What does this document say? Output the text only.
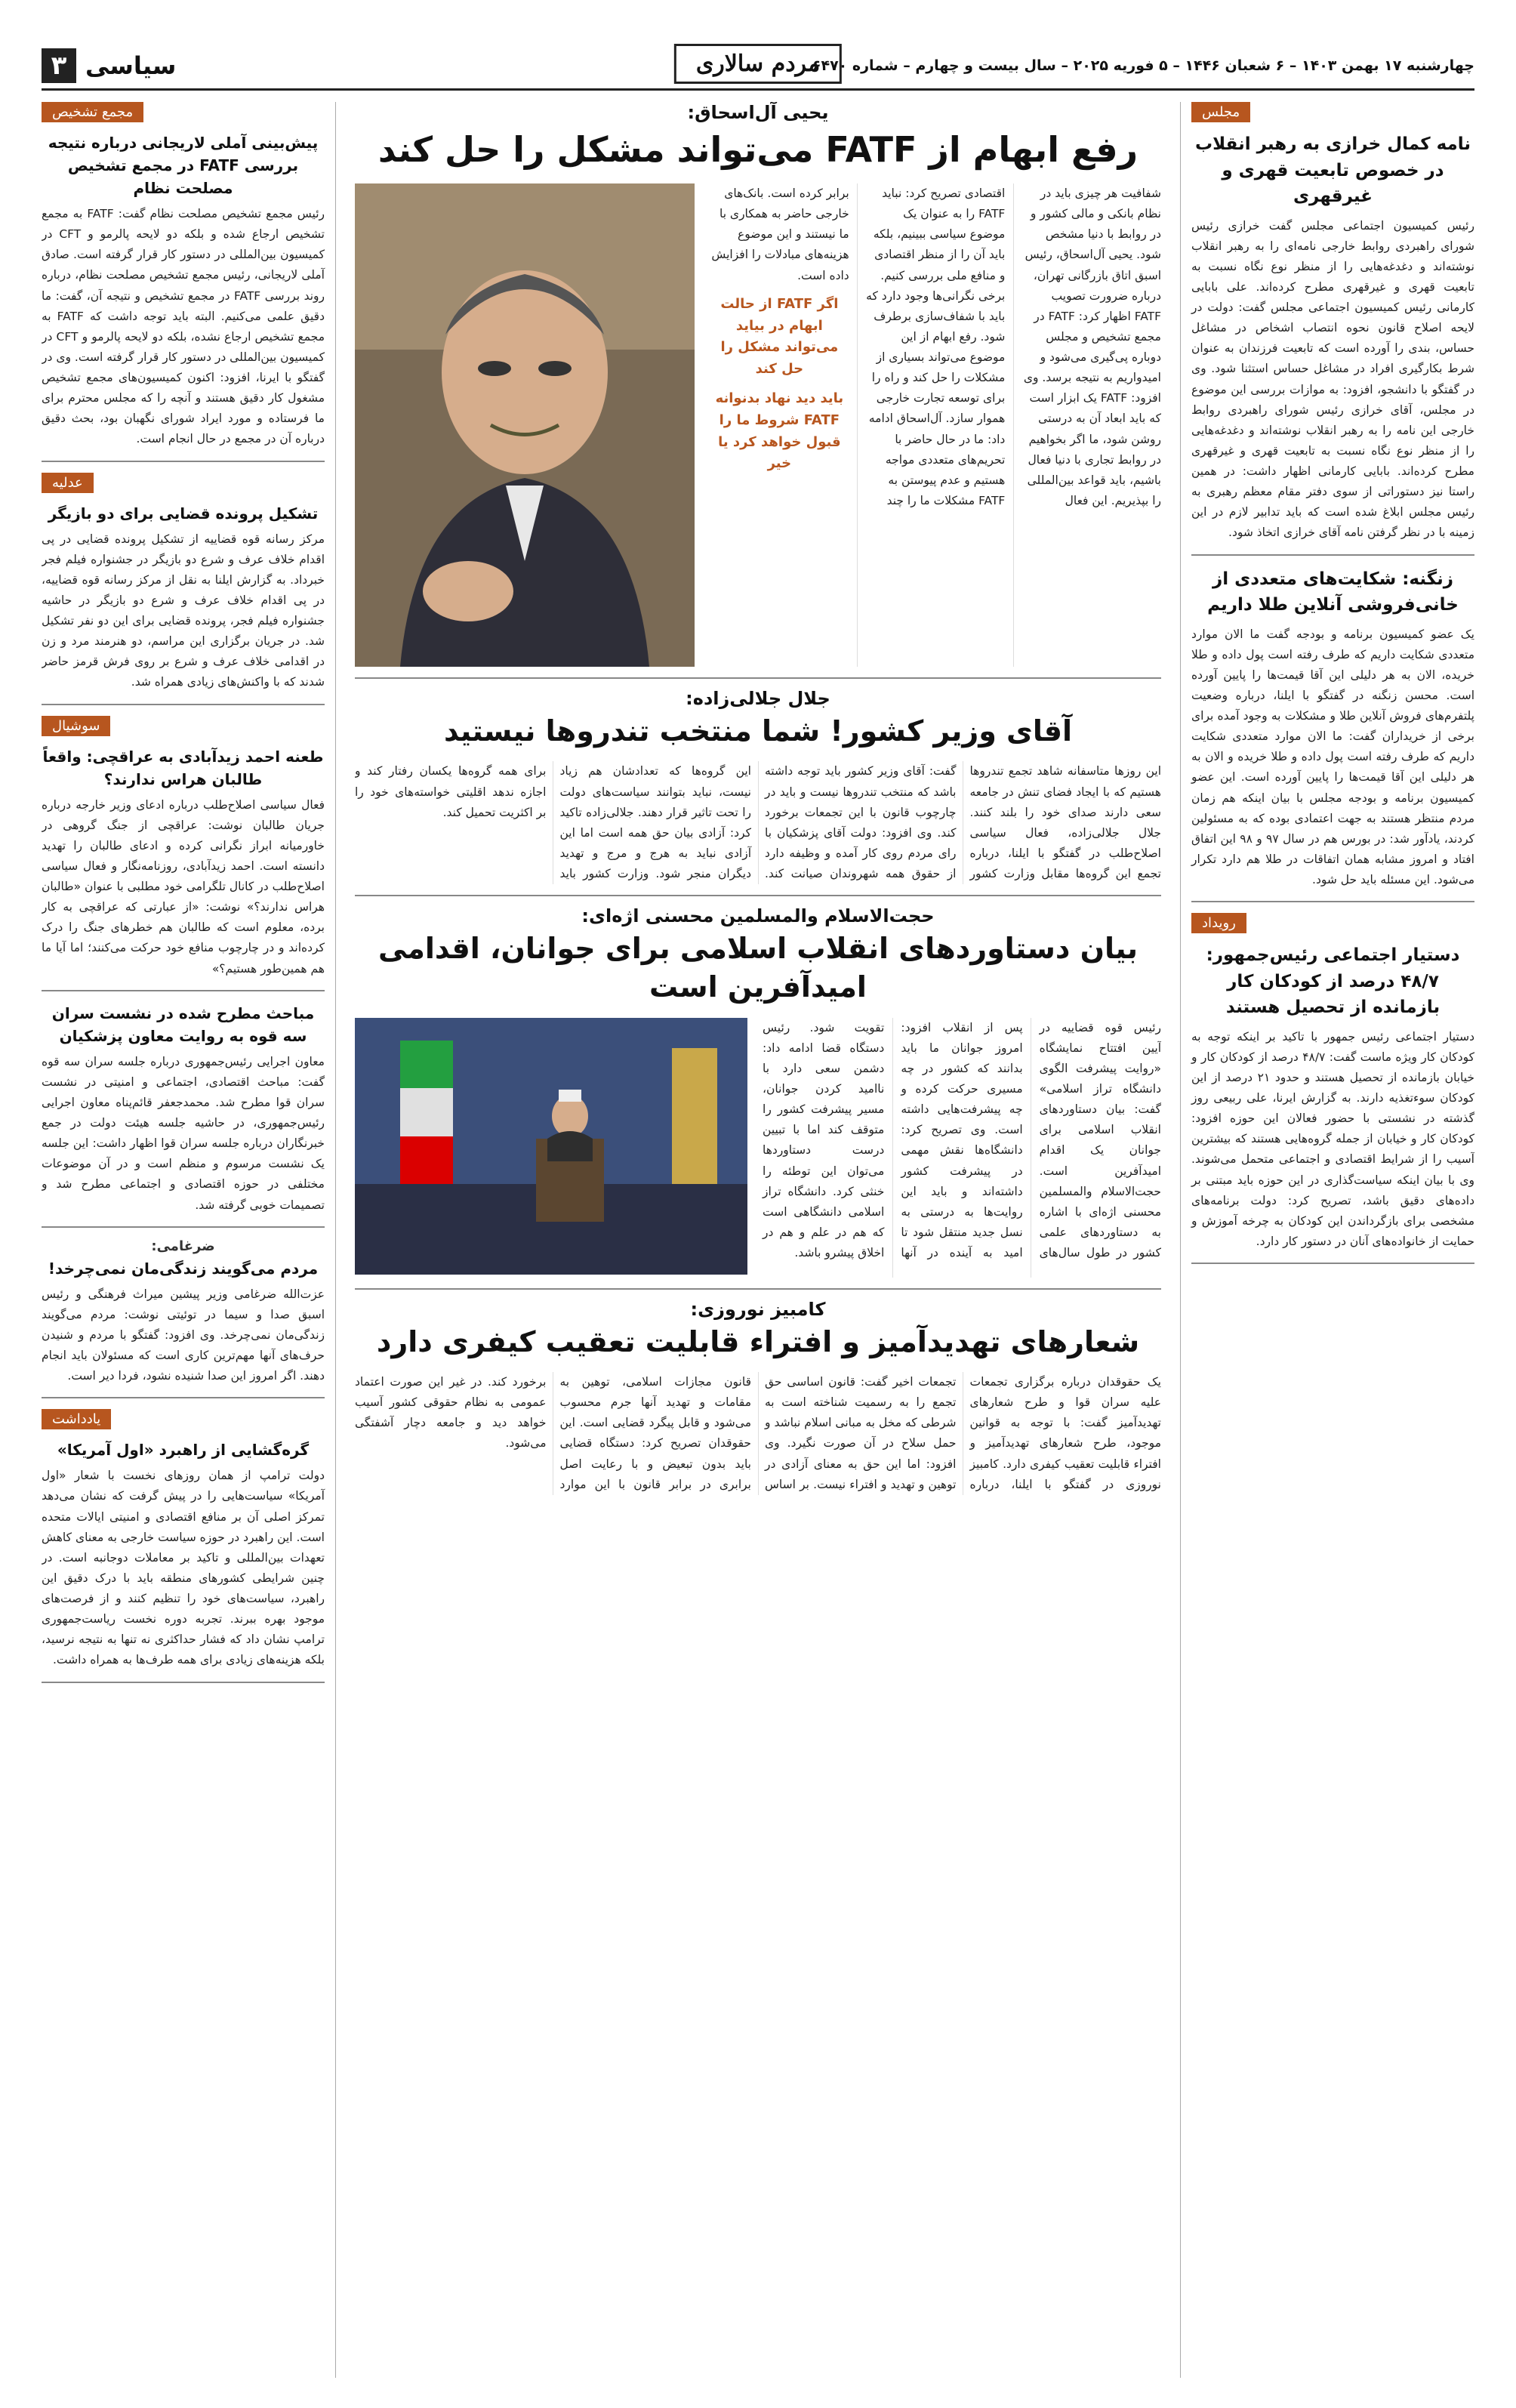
چهارشنبه ۱۷ بهمن ۱۴۰۳ – ۶ شعبان ۱۴۴۶ – ۵ فوریه ۲۰۲۵ – سال بیست و چهارم – شماره ۶۴۷۰
مردم سالاری
سیاسی
۳
مجلس
نامه کمال خرازی به رهبر انقلاب در خصوص تابعیت قهری و غیرقهری
رئیس کمیسیون اجتماعی مجلس گفت خرازی رئیس شورای راهبردی روابط خارجی نامه‌ای را به رهبر انقلاب نوشته‌اند و دغدغه‌هایی را از منظر نوع نگاه نسبت به تابعیت قهری و غیرقهری مطرح کرده‌اند. علی بابایی کارمانی رئیس کمیسیون اجتماعی مجلس گفت: دولت در لایحه اصلاح قانون نحوه انتصاب اشخاص در مشاغل حساس، بندی را آورده است که تابعیت فرزندان به عنوان شرط بکارگیری افراد در مشاغل حساس استثنا شود. وی در گفتگو با دانشجو، افزود: به موازات بررسی این موضوع در مجلس، آقای خرازی رئیس شورای راهبردی روابط خارجی این نامه را به رهبر انقلاب نوشته‌اند و دغدغه‌هایی را از منظر نوع نگاه نسبت به تابعیت قهری و غیرقهری مطرح کرده‌اند. بابایی کارمانی اظهار داشت: در همین راستا نیز دستوراتی از سوی دفتر مقام معظم رهبری به رئیس مجلس ابلاغ شده است که باید تدابیر لازم در این زمینه با در نظر گرفتن نامه آقای خرازی اتخاذ شود.
زنگنه: شکایت‌های متعددی از خانی‌فروشی آنلاین طلا داریم
یک عضو کمیسیون برنامه و بودجه گفت ما الان موارد متعددی شکایت داریم که طرف رفته است پول داده و طلا خریده، الان به هر دلیلی این آقا قیمت‌ها را پایین آورده است. محسن زنگنه در گفتگو با ایلنا، درباره وضعیت پلتفرم‌های فروش آنلاین طلا و مشکلات به وجود آمده برای برخی از خریداران گفت: ما الان موارد متعددی شکایت داریم که طرف رفته است پول داده و طلا خریده و الان به هر دلیلی این آقا قیمت‌ها را پایین آورده است. این عضو کمیسیون برنامه و بودجه مجلس با بیان اینکه هم زمان مردم منتظر هستند به جهت اعتمادی بوده که به مسئولین کردند، یادآور شد: در بورس هم در سال ۹۷ و ۹۸ این اتفاق افتاد و امروز مشابه همان اتفاقات در طلا هم دارد تکرار می‌شود. این مسئله باید حل شود.
رویداد
دستیار اجتماعی رئیس‌جمهور: ۴۸/۷ درصد از کودکان کار بازمانده از تحصیل هستند
دستیار اجتماعی رئیس جمهور با تاکید بر اینکه توجه به کودکان کار ویژه ماست گفت: ۴۸/۷ درصد از کودکان کار و خیابان بازمانده از تحصیل هستند و حدود ۲۱ درصد از این کودکان سوءتغذیه دارند. به گزارش ایرنا، علی ربیعی روز گذشته در نشستی با حضور فعالان این حوزه افزود: کودکان کار و خیابان از جمله گروه‌هایی هستند که بیشترین آسیب را از شرایط اقتصادی و اجتماعی متحمل می‌شوند. وی با بیان اینکه سیاست‌گذاری در این حوزه باید مبتنی بر داده‌های دقیق باشد، تصریح کرد: دولت برنامه‌های مشخصی برای بازگرداندن این کودکان به چرخه آموزش و حمایت از خانواده‌های آنان در دستور کار دارد.
مجمع تشخیص
پیش‌بینی آملی لاریجانی درباره نتیجه بررسی FATF در مجمع تشخیص مصلحت نظام
رئیس مجمع تشخیص مصلحت نظام گفت: FATF به مجمع تشخیص ارجاع شده و بلکه دو لایحه پالرمو و CFT در کمیسیون بین‌المللی در دستور کار قرار گرفته است. صادق آملی لاریجانی، رئیس مجمع تشخیص مصلحت نظام، درباره روند بررسی FATF در مجمع تشخیص و نتیجه آن، گفت: ما دقیق علمی می‌کنیم. البته باید توجه داشت که FATF به مجمع تشخیص ارجاع نشده، بلکه دو لایحه پالرمو و CFT در کمیسیون بین‌المللی در دستور کار قرار گرفته است. وی در گفتگو با ایرنا، افزود: اکنون کمیسیون‌های مجمع تشخیص مشغول کار دقیق هستند و آنچه را که مجلس محترم برای ما فرستاده و مورد ایراد شورای نگهبان بود، بحث دقیق درباره آن در مجمع در حال انجام است.
عدلیه
تشکیل پرونده قضایی برای دو بازیگر
مرکز رسانه قوه قضاییه از تشکیل پرونده قضایی در پی اقدام خلاف عرف و شرع دو بازیگر در جشنواره فیلم فجر خبرداد. به گزارش ایلنا به نقل از مرکز رسانه قوه قضاییه، در پی اقدام خلاف عرف و شرع دو بازیگر در حاشیه جشنواره فیلم فجر، پرونده قضایی برای این دو نفر تشکیل شد. در جریان برگزاری این مراسم، دو هنرمند مرد و زن در اقدامی خلاف عرف و شرع بر روی فرش قرمز حاضر شدند که با واکنش‌های زیادی همراه شد.
سوشیال
طعنه احمد زیدآبادی به عراقچی: واقعاً طالبان هراس ندارند؟
فعال سیاسی اصلاح‌طلب درباره ادعای وزیر خارجه درباره جریان طالبان نوشت: عراقچی از جنگ گروهی در خاورمیانه ابراز نگرانی کرده و ادعای طالبان را تهدید دانسته است. احمد زیدآبادی، روزنامه‌نگار و فعال سیاسی اصلاح‌طلب در کانال تلگرامی خود مطلبی با عنوان «طالبان هراس ندارند؟» نوشت: «از عبارتی که عراقچی به کار برده، معلوم است که طالبان هم خطرهای جنگ را درک کرده‌اند و در چارچوب منافع خود حرکت می‌کنند؛ اما آیا ما هم همین‌طور هستیم؟»
مباحث مطرح شده در نشست سران سه قوه به روایت معاون پزشکیان
معاون اجرایی رئیس‌جمهوری درباره جلسه سران سه قوه گفت: مباحث اقتصادی، اجتماعی و امنیتی در نشست سران قوا مطرح شد. محمدجعفر قائم‌پناه معاون اجرایی رئیس‌جمهوری، در حاشیه جلسه هیئت دولت در جمع خبرنگاران درباره جلسه سران قوا اظهار داشت: این جلسه یک نشست مرسوم و منظم است و در آن موضوعات مختلفی در حوزه اقتصادی و اجتماعی مطرح شد و تصمیمات خوبی گرفته شد.
ضرغامی:
مردم می‌گویند زندگی‌مان نمی‌چرخد!
عزت‌الله ضرغامی وزیر پیشین میراث فرهنگی و رئیس اسبق صدا و سیما در توئیتی نوشت: مردم می‌گویند زندگی‌مان نمی‌چرخد. وی افزود: گفتگو با مردم و شنیدن حرف‌های آنها مهم‌ترین کاری است که مسئولان باید انجام دهند. اگر امروز این صدا شنیده نشود، فردا دیر است.
یادداشت
گره‌گشایی از راهبرد «اول آمریکا»
دولت ترامپ از همان روزهای نخست با شعار «اول آمریکا» سیاست‌هایی را در پیش گرفت که نشان می‌دهد تمرکز اصلی آن بر منافع اقتصادی و امنیتی ایالات متحده است. این راهبرد در حوزه سیاست خارجی به معنای کاهش تعهدات بین‌المللی و تاکید بر معاملات دوجانبه است. در چنین شرایطی کشورهای منطقه باید با درک دقیق این راهبرد، سیاست‌های خود را تنظیم کنند و از فرصت‌های موجود بهره ببرند. تجربه دوره نخست ریاست‌جمهوری ترامپ نشان داد که فشار حداکثری نه تنها به نتیجه نرسید، بلکه هزینه‌های زیادی برای همه طرف‌ها به همراه داشت.
یحیی آل‌اسحاق:
رفع ابهام از FATF می‌تواند مشکل را حل کند
شفافیت هر چیزی باید در نظام بانکی و مالی کشور و در روابط با دنیا مشخص شود. یحیی آل‌اسحاق، رئیس اسبق اتاق بازرگانی تهران، درباره ضرورت تصویب FATF اظهار کرد: FATF در مجمع تشخیص و مجلس دوباره پی‌گیری می‌شود و امیدواریم به نتیجه برسد. وی افزود: FATF یک ابزار است که باید ابعاد آن به درستی روشن شود، ما اگر بخواهیم در روابط تجاری با دنیا فعال باشیم، باید قواعد بین‌المللی را بپذیریم. این فعال اقتصادی تصریح کرد: نباید FATF را به عنوان یک موضوع سیاسی ببینیم، بلکه باید آن را از منظر اقتصادی و منافع ملی بررسی کنیم. برخی نگرانی‌ها وجود دارد که باید با شفاف‌سازی برطرف شود. رفع ابهام از این موضوع می‌تواند بسیاری از مشکلات را حل کند و راه را برای توسعه تجارت خارجی هموار سازد. آل‌اسحاق ادامه داد: ما در حال حاضر با تحریم‌های متعددی مواجه هستیم و عدم پیوستن به FATF مشکلات ما را چند برابر کرده است. بانک‌های خارجی حاضر به همکاری با ما نیستند و این موضوع هزینه‌های مبادلات را افزایش داده است.
اگر FATF از حالت ابهام در بیاید می‌تواند مشکل را حل کند
باید دید نهاد بدنوانه FATF شروط ما را قبول خواهد کرد یا خیر
جلال جلالی‌زاده:
آقای وزیر کشور! شما منتخب تندروها نیستید
این روزها متاسفانه شاهد تجمع تندروها هستیم که با ایجاد فضای تنش در جامعه سعی دارند صدای خود را بلند کنند. جلال جلالی‌زاده، فعال سیاسی اصلاح‌طلب در گفتگو با ایلنا، درباره تجمع این گروه‌ها مقابل وزارت کشور گفت: آقای وزیر کشور باید توجه داشته باشد که منتخب تندروها نیست و باید در چارچوب قانون با این تجمعات برخورد کند. وی افزود: دولت آقای پزشکیان با رای مردم روی کار آمده و وظیفه دارد از حقوق همه شهروندان صیانت کند. این گروه‌ها که تعدادشان هم زیاد نیست، نباید بتوانند سیاست‌های دولت را تحت تاثیر قرار دهند. جلالی‌زاده تاکید کرد: آزادی بیان حق همه است اما این آزادی نباید به هرج و مرج و تهدید دیگران منجر شود. وزارت کشور باید برای همه گروه‌ها یکسان رفتار کند و اجازه ندهد اقلیتی خواسته‌های خود را بر اکثریت تحمیل کند.
حجت‌الاسلام والمسلمین محسنی اژه‌ای:
بیان دستاوردهای انقلاب اسلامی برای جوانان، اقدامی امیدآفرین است
رئیس قوه قضاییه در آیین افتتاح نمایشگاه «روایت پیشرفت الگوی دانشگاه تراز اسلامی» گفت: بیان دستاوردهای انقلاب اسلامی برای جوانان یک اقدام امیدآفرین است. حجت‌الاسلام والمسلمین محسنی اژه‌ای با اشاره به دستاوردهای علمی کشور در طول سال‌های پس از انقلاب افزود: امروز جوانان ما باید بدانند که کشور در چه مسیری حرکت کرده و چه پیشرفت‌هایی داشته است. وی تصریح کرد: دانشگاه‌ها نقش مهمی در پیشرفت کشور داشته‌اند و باید این روایت‌ها به درستی به نسل جدید منتقل شود تا امید به آینده در آنها تقویت شود. رئیس دستگاه قضا ادامه داد: دشمن سعی دارد با ناامید کردن جوانان، مسیر پیشرفت کشور را متوقف کند اما با تبیین درست دستاوردها می‌توان این توطئه را خنثی کرد. دانشگاه تراز اسلامی دانشگاهی است که هم در علم و هم در اخلاق پیشرو باشد.
کامبیز نوروزی:
شعارهای تهدیدآمیز و افتراء قابلیت تعقیب کیفری دارد
یک حقوقدان درباره برگزاری تجمعات علیه سران قوا و طرح شعارهای تهدیدآمیز گفت: با توجه به قوانین موجود، طرح شعارهای تهدیدآمیز و افتراء قابلیت تعقیب کیفری دارد. کامبیز نوروزی در گفتگو با ایلنا، درباره تجمعات اخیر گفت: قانون اساسی حق تجمع را به رسمیت شناخته است به شرطی که مخل به مبانی اسلام نباشد و حمل سلاح در آن صورت نگیرد. وی افزود: اما این حق به معنای آزادی در توهین و تهدید و افتراء نیست. بر اساس قانون مجازات اسلامی، توهین به مقامات و تهدید آنها جرم محسوب می‌شود و قابل پیگرد قضایی است. این حقوقدان تصریح کرد: دستگاه قضایی باید بدون تبعیض و با رعایت اصل برابری در برابر قانون با این موارد برخورد کند. در غیر این صورت اعتماد عمومی به نظام حقوقی کشور آسیب خواهد دید و جامعه دچار آشفتگی می‌شود.
